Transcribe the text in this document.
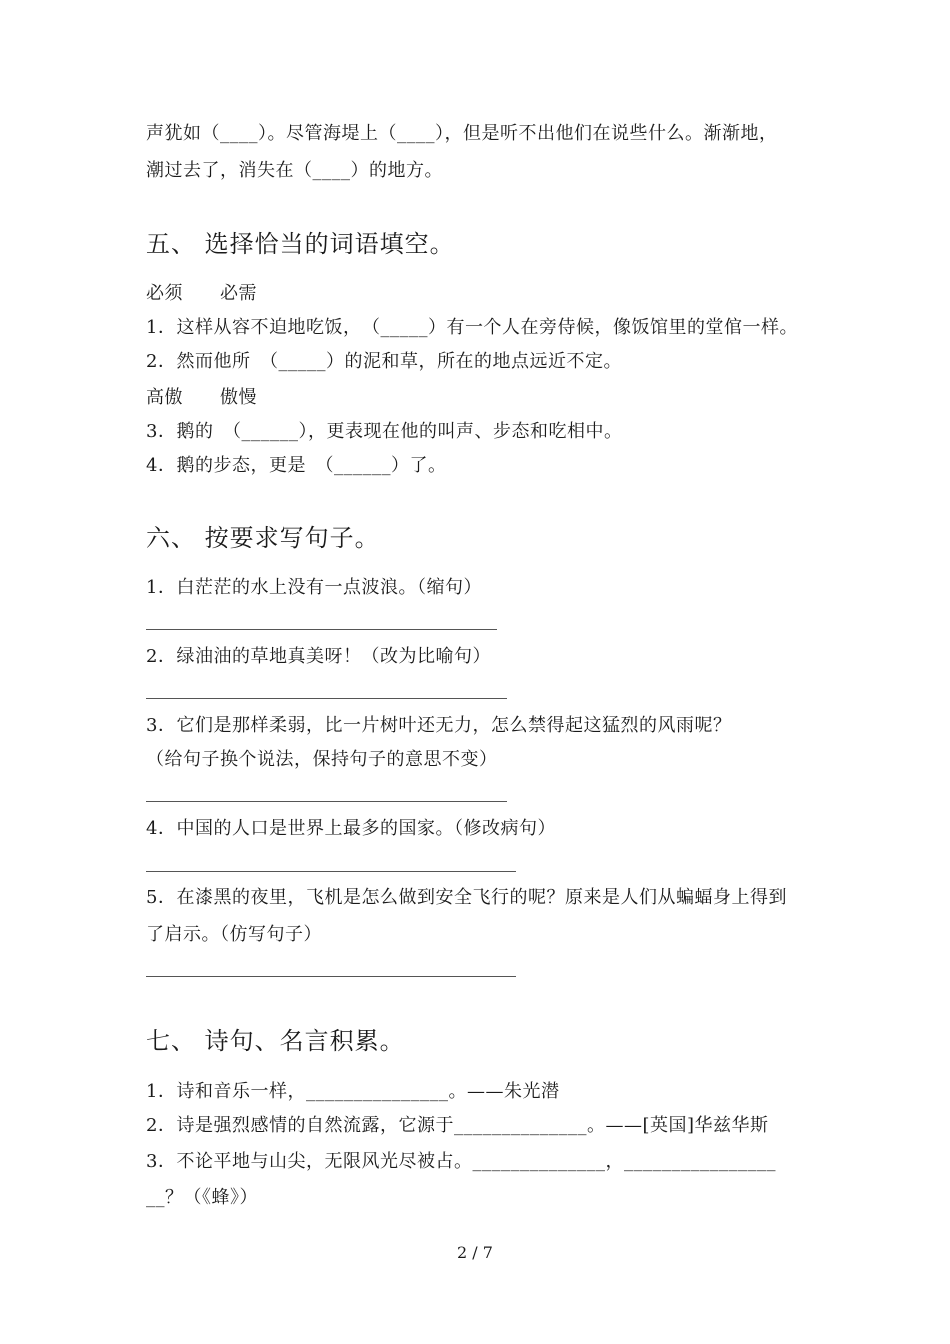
声犹如（____）。尽管海堤上（____），但是听不出他们在说些什么。渐渐地，
潮过去了，消失在（____）的地方。
五、 选择恰当的词语填空。
必须　　必需
1．这样从容不迫地吃饭，　（_____）有一个人在旁侍候，像饭馆里的堂倌一样。
2．然而他所　（_____）的泥和草，所在的地点远近不定。
高傲　　傲慢
3．鹅的　（______），更表现在他的叫声、步态和吃相中。
4．鹅的步态，更是　（______）了。
六、 按要求写句子。
1．白茫茫的水上没有一点波浪。（缩句）
2．绿油油的草地真美呀！（改为比喻句）
3．它们是那样柔弱，比一片树叶还无力，怎么禁得起这猛烈的风雨呢？
（给句子换个说法，保持句子的意思不变）
4．中国的人口是世界上最多的国家。（修改病句）
5．在漆黑的夜里，飞机是怎么做到安全飞行的呢？原来是人们从蝙蝠身上得到
了启示。（仿写句子）
七、 诗句、名言积累。
1．诗和音乐一样，_______________。——朱光潜
2．诗是强烈感情的自然流露，它源于______________。——[英国]华兹华斯
3．不论平地与山尖，无限风光尽被占。______________，________________
__？（《蜂》）
2 / 7
